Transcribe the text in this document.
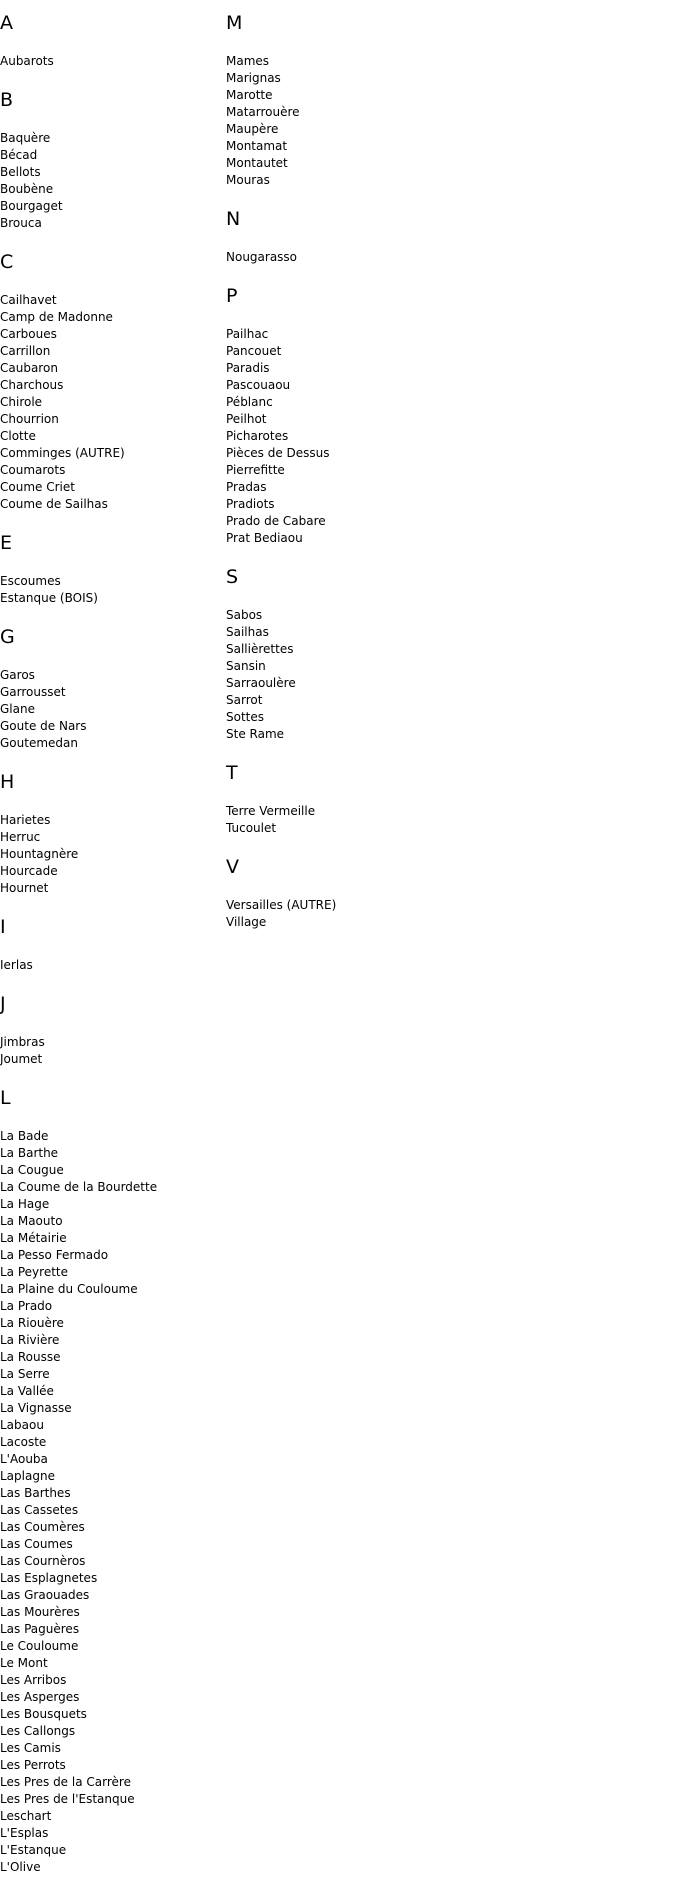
A
Aubarots
B
Baquère
Bécad
Bellots
Boubène
Bourgaget
Brouca
C
Cailhavet
Camp de Madonne
Carboues
Carrillon
Caubaron
Charchous
Chirole
Chourrion
Clotte
Comminges (AUTRE)
Coumarots
Coume Criet
Coume de Sailhas
E
Escoumes
Estanque (BOIS)
G
Garos
Garrousset
Glane
Goute de Nars
Goutemedan
H
Harietes
Herruc
Hountagnère
Hourcade
Hournet
I
Ierlas
J
Jimbras
Joumet
L
La Bade
La Barthe
La Cougue
La Coume de la Bourdette
La Hage
La Maouto
La Métairie
La Pesso Fermado
La Peyrette
La Plaine du Couloume
La Prado
La Riouère
La Rivière
La Rousse
La Serre
La Vallée
La Vignasse
Labaou
Lacoste
L'Aouba
Laplagne
Las Barthes
Las Cassetes
Las Coumères
Las Coumes
Las Cournèros
Las Esplagnetes
Las Graouades
Las Mourères
Las Paguères
Le Couloume
Le Mont
Les Arribos
Les Asperges
Les Bousquets
Les Callongs
Les Camis
Les Perrots
Les Pres de la Carrère
Les Pres de l'Estanque
Leschart
L'Esplas
L'Estanque
L'Olive
M
Mames
Marignas
Marotte
Matarrouère
Maupère
Montamat
Montautet
Mouras
N
Nougarasso
P
Pailhac
Pancouet
Paradis
Pascouaou
Péblanc
Peilhot
Picharotes
Pièces de Dessus
Pierrefitte
Pradas
Pradiots
Prado de Cabare
Prat Bediaou
S
Sabos
Sailhas
Sallièrettes
Sansin
Sarraoulère
Sarrot
Sottes
Ste Rame
T
Terre Vermeille
Tucoulet
V
Versailles (AUTRE)
Village
